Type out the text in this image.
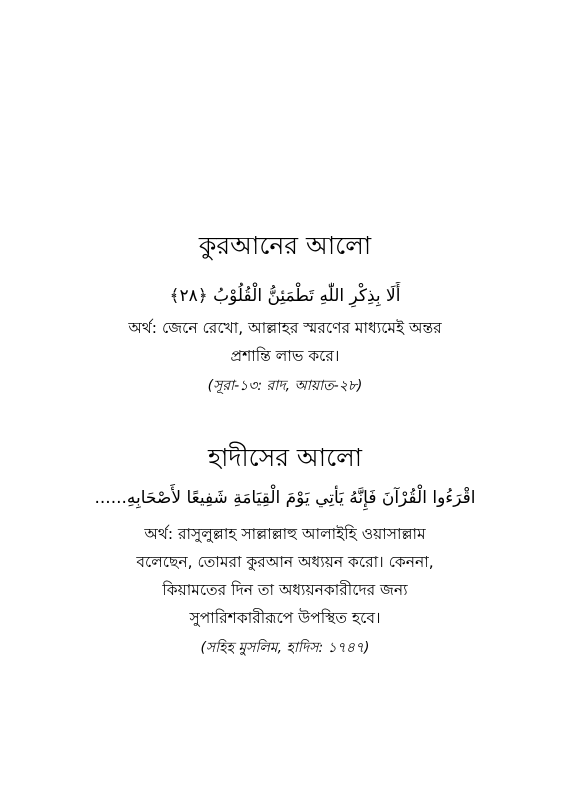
কুরআনের আলো
أَلَا بِذِكْرِ اللّٰهِ تَطْمَئِنُّ الْقُلُوْبُ ﴿٢٨﴾
অর্থ: জেনে রেখো, আল্লাহর স্মরণের মাধ্যমেই অন্তর
প্রশান্তি লাভ করে।
(সূরা-১৩: রাদ, আয়াত-২৮)
হাদীসের আলো
اقْرَءُوا الْقُرْآنَ فَإِنَّهُ يَأْتِي يَوْمَ الْقِيَامَةِ شَفِيعًا لأَصْحَابِهِ......
অর্থ: রাসুলুল্লাহ সাল্লাল্লাহু আলাইহি ওয়াসাল্লাম
বলেছেন, তোমরা কুরআন অধ্যয়ন করো। কেননা,
কিয়ামতের দিন তা অধ্যয়নকারীদের জন্য
সুপারিশকারীরূপে উপস্থিত হবে।
(সহিহ মুসলিম, হাদিস: ১৭৪৭)
